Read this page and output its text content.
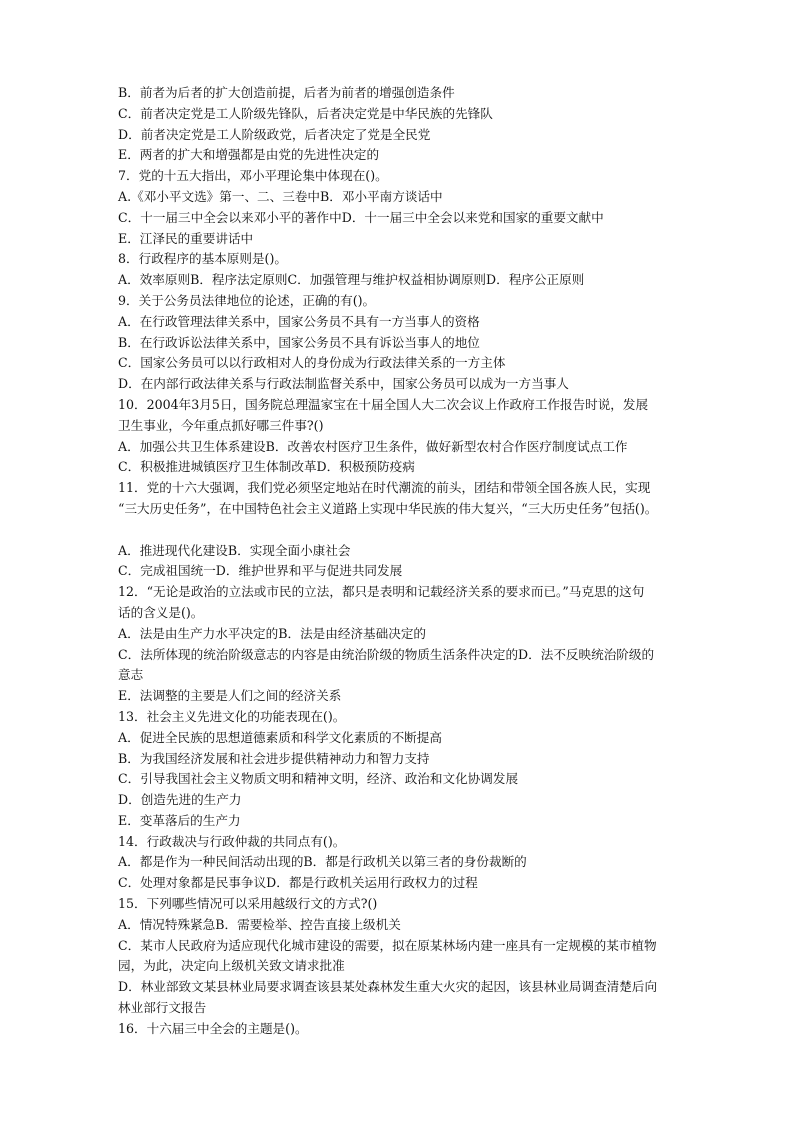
B．前者为后者的扩大创造前提，后者为前者的增强创造条件
C．前者决定党是工人阶级先锋队，后者决定党是中华民族的先锋队
D．前者决定党是工人阶级政党，后者决定了党是全民党
E．两者的扩大和增强都是由党的先进性决定的
7．党的十五大指出，邓小平理论集中体现在()。
A.《邓小平文选》第一、二、三卷中B．邓小平南方谈话中
C．十一届三中全会以来邓小平的著作中D．十一届三中全会以来党和国家的重要文献中
E．江泽民的重要讲话中
8．行政程序的基本原则是()。
A．效率原则B．程序法定原则C．加强管理与维护权益相协调原则D．程序公正原则
9．关于公务员法律地位的论述，正确的有()。
A．在行政管理法律关系中，国家公务员不具有一方当事人的资格
B．在行政诉讼法律关系中，国家公务员不具有诉讼当事人的地位
C．国家公务员可以以行政相对人的身份成为行政法律关系的一方主体
D．在内部行政法律关系与行政法制监督关系中，国家公务员可以成为一方当事人
10．2004年3月5日，国务院总理温家宝在十届全国人大二次会议上作政府工作报告时说，发展
卫生事业，今年重点抓好哪三件事?()
A．加强公共卫生体系建设B．改善农村医疗卫生条件，做好新型农村合作医疗制度试点工作
C．积极推进城镇医疗卫生体制改革D．积极预防疫病
11．党的十六大强调，我们党必须坚定地站在时代潮流的前头，团结和带领全国各族人民，实现
“三大历史任务”，在中国特色社会主义道路上实现中华民族的伟大复兴，“三大历史任务”包括()。
A．推进现代化建设B．实现全面小康社会
C．完成祖国统一D．维护世界和平与促进共同发展
12．“无论是政治的立法或市民的立法，都只是表明和记载经济关系的要求而已。”马克思的这句
话的含义是()。
A．法是由生产力水平决定的B．法是由经济基础决定的
C．法所体现的统治阶级意志的内容是由统治阶级的物质生活条件决定的D．法不反映统治阶级的
意志
E．法调整的主要是人们之间的经济关系
13．社会主义先进文化的功能表现在()。
A．促进全民族的思想道德素质和科学文化素质的不断提高
B．为我国经济发展和社会进步提供精神动力和智力支持
C．引导我国社会主义物质文明和精神文明，经济、政治和文化协调发展
D．创造先进的生产力
E．变革落后的生产力
14．行政裁决与行政仲裁的共同点有()。
A．都是作为一种民间活动出现的B．都是行政机关以第三者的身份裁断的
C．处理对象都是民事争议D．都是行政机关运用行政权力的过程
15．下列哪些情况可以采用越级行文的方式?()
A．情况特殊紧急B．需要检举、控告直接上级机关
C．某市人民政府为适应现代化城市建设的需要，拟在原某林场内建一座具有一定规模的某市植物
园，为此，决定向上级机关致文请求批准
D．林业部致文某县林业局要求调查该县某处森林发生重大火灾的起因，该县林业局调查清楚后向
林业部行文报告
16．十六届三中全会的主题是()。
